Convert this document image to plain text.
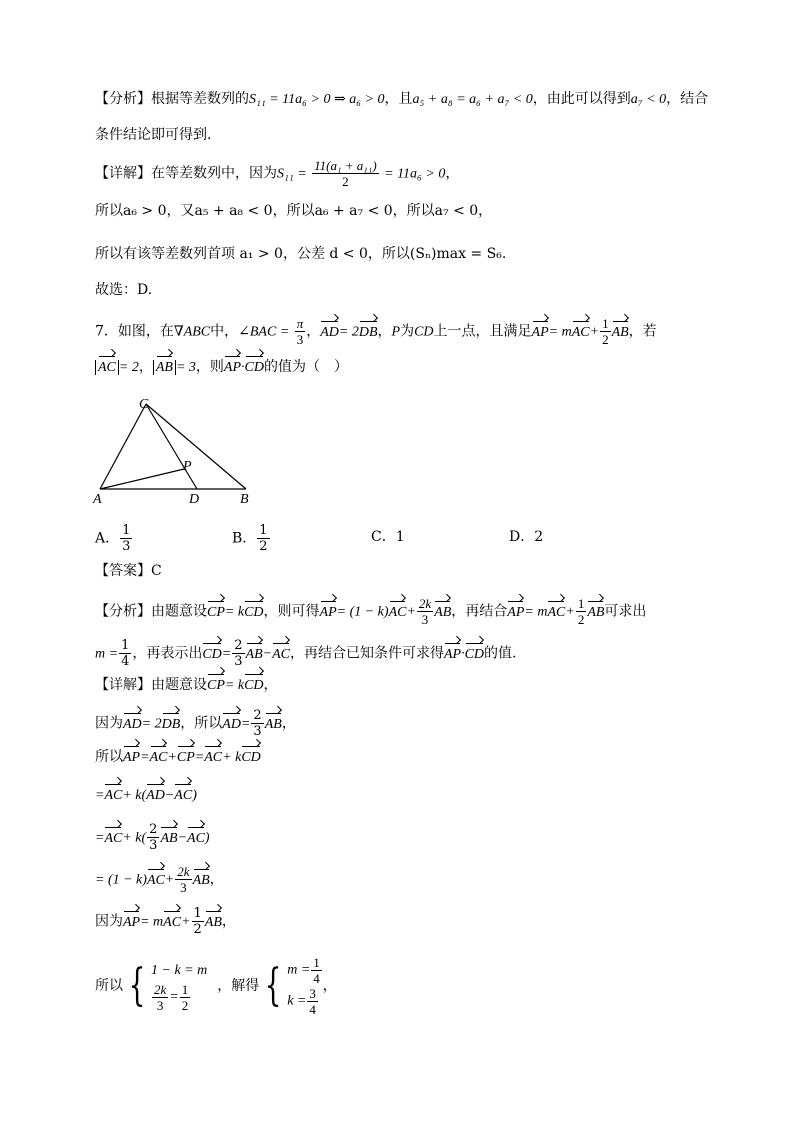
【分析】根据等差数列的S₁₁ = 11a₆ > 0 ⇒ a₆ > 0，且a₅ + a₈ = a₆ + a₇ < 0，由此可以得到a₇ < 0，结合
条件结论即可得到.
【详解】在等差数列中，因为$S_{11} = \frac{\text{11(a₁ + a₁₁)}}{2} = 11a_6 > 0$，
所以a₆ > 0，又a₅ + a₈ < 0，所以a₆ + a₇ < 0，所以a₇ < 0，
所以有该等差数列首项 a₁ > 0，公差 d < 0，所以(Sₙ)max = S₆.
故选：D.
7．如图，在∇ABC中，∠BAC = $\frac{\pi}{3}$ ，AD= 2DB，P为CD上一点，且满足$AP= mAC+ \frac{1}{2}$ AB，若
AC = 2， AB = 3，则AP·CD的值为（　）
C
P
A	D	B
A． $\frac{1}{3}$	B． $\frac{1}{2}$	C．1	D．2
【答案】C
【分析】由题意设CP= kCD，则可得$AP= (1 - k)AC+ \frac{2k}{3}$ AB，再结合$AP= mAC+ \frac{1}{2}$ AB可求出
$m = \frac{1}{4}$ ，再表示出$CD= \frac{2}{3} AB-AC$，再结合已知条件可求得AP·CD的值.
【详解】由题意设CP= kCD，
因为AD= 2DB，所以$AD= \frac{2}{3}$ AB，
所以AP=AC+CP=AC+ kCD
=AC+ k(AD−AC)
$=AC+ k( \frac{2}{3} AB-AC)$
= $(1 - k)AC+ \frac{2k}{3}$ AB，
因为$AP= mAC+ \frac{1}{2}$ AB，
所以 { 1 − k = m
$\frac{2k}{3} = \frac{1}{2}$ ，解得 { $m = \frac{1}{4}$
$k = \frac{3}{4}$ ，
